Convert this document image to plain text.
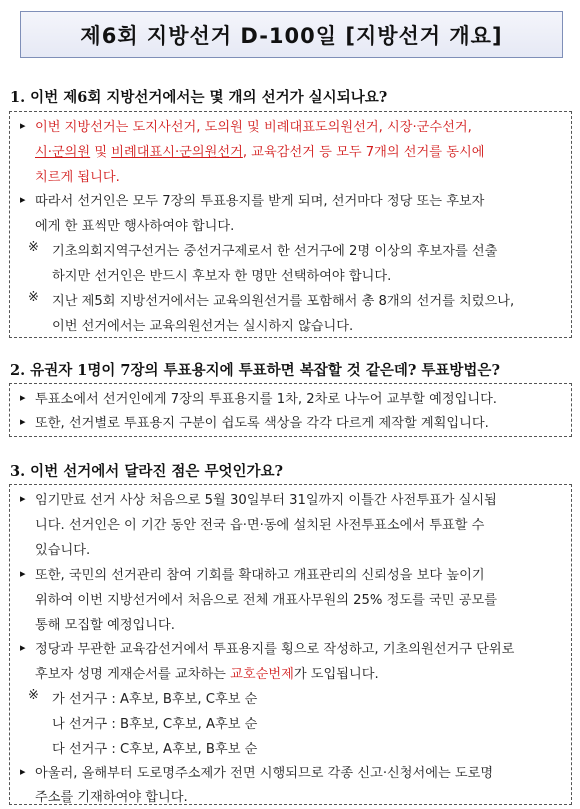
제6회 지방선거 D-100일 [지방선거 개요]
1. 이번 제6회 지방선거에서는 몇 개의 선거가 실시되나요?
▸ 이번 지방선거는 도지사선거, 도의원 및 비례대표도의원선거, 시장·군수선거,
시·군의원 및 비례대표시·군의원선거, 교육감선거 등 모두 7개의 선거를 동시에
치르게 됩니다.
▸ 따라서 선거인은 모두 7장의 투표용지를 받게 되며, 선거마다 정당 또는 후보자
에게 한 표씩만 행사하여야 합니다.
※ 기초의회지역구선거는 중선거구제로서 한 선거구에 2명 이상의 후보자를 선출
하지만 선거인은 반드시 후보자 한 명만 선택하여야 합니다.
※ 지난 제5회 지방선거에서는 교육의원선거를 포함해서 총 8개의 선거를 치렀으나,
이번 선거에서는 교육의원선거는 실시하지 않습니다.
2. 유권자 1명이 7장의 투표용지에 투표하면 복잡할 것 같은데? 투표방법은?
▸ 투표소에서 선거인에게 7장의 투표용지를 1차, 2차로 나누어 교부할 예정입니다.
▸ 또한, 선거별로 투표용지 구분이 쉽도록 색상을 각각 다르게 제작할 계획입니다.
3. 이번 선거에서 달라진 점은 무엇인가요?
▸ 임기만료 선거 사상 처음으로 5월 30일부터 31일까지 이틀간 사전투표가 실시됩
니다. 선거인은 이 기간 동안 전국 읍·면·동에 설치된 사전투표소에서 투표할 수
있습니다.
▸ 또한, 국민의 선거관리 참여 기회를 확대하고 개표관리의 신뢰성을 보다 높이기
위하여 이번 지방선거에서 처음으로 전체 개표사무원의 25% 정도를 국민 공모를
통해 모집할 예정입니다.
▸ 정당과 무관한 교육감선거에서 투표용지를 횡으로 작성하고, 기초의원선거구 단위로
후보자 성명 게재순서를 교차하는 교호순번제가 도입됩니다.
※ 가 선거구 : A후보, B후보, C후보 순
나 선거구 : B후보, C후보, A후보 순
다 선거구 : C후보, A후보, B후보 순
▸ 아울러, 올해부터 도로명주소제가 전면 시행되므로 각종 신고·신청서에는 도로명
주소를 기재하여야 합니다.
